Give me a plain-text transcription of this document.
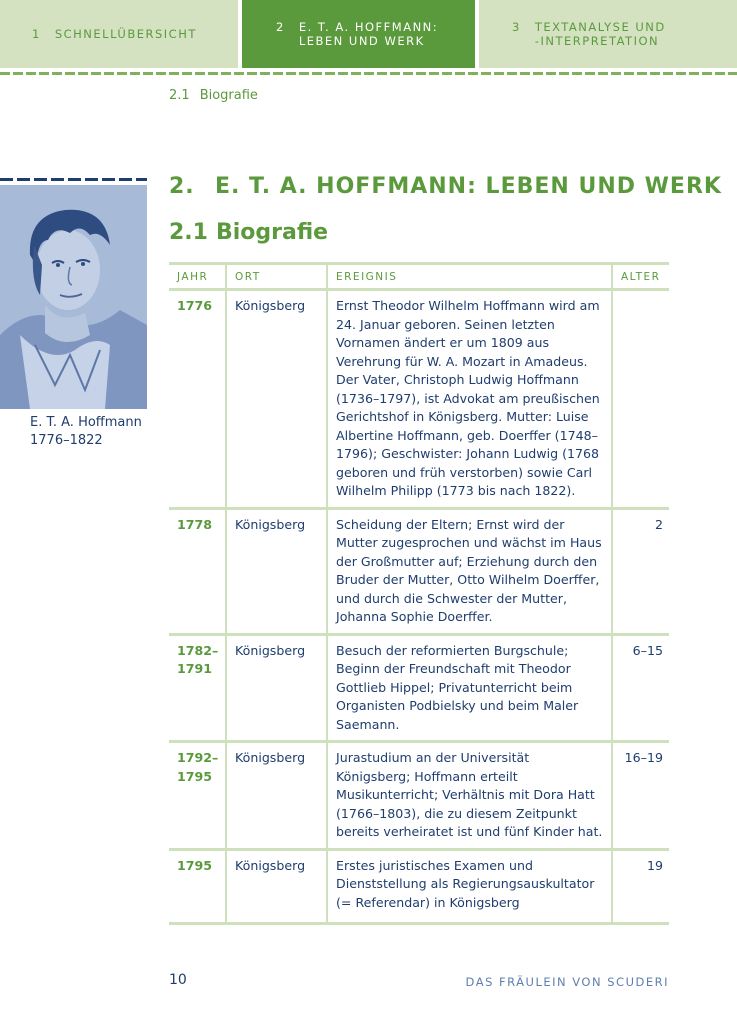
1 SCHNELLÜBERSICHT	2 E. T. A. HOFFMANN:
LEBEN UND WERK
3 TEXTANALYSE UND
-INTERPRETATION
2.1 Biografie
E. T. A. Hoffmann
1776–1822
2. E. T. A. HOFFMANN: LEBEN UND WERK
2.1 Biografie
JAHR	ORT	EREIGNIS	ALTER
1776	Königsberg	Ernst Theodor Wilhelm Hoffmann wird am 24. Januar geboren. Seinen letzten Vornamen ändert er um 1809 aus Verehrung für W. A. Mozart in Amadeus. Der Vater, Christoph Ludwig Hoffmann (1736–1797), ist Advokat am preußischen Gerichtshof in Königsberg. Mutter: Luise Albertine Hoffmann, geb. Doerffer (1748–1796); Geschwister: Johann Ludwig (1768 geboren und früh verstorben) sowie Carl Wilhelm Philipp (1773 bis nach 1822).	
1778	Königsberg	Scheidung der Eltern; Ernst wird der Mutter zugesprochen und wächst im Haus der Großmutter auf; Erziehung durch den Bruder der Mutter, Otto Wilhelm Doerffer, und durch die Schwester der Mutter, Johanna Sophie Doerffer.	2
1782–
1791	Königsberg	Besuch der reformierten Burgschule; Beginn der Freundschaft mit Theodor Gottlieb Hippel; Privatunterricht beim Organisten Podbielsky und beim Maler Saemann.	6–15
1792–
1795	Königsberg	Jurastudium an der Universität Königsberg; Hoffmann erteilt Musikunterricht; Verhältnis mit Dora Hatt (1766–1803), die zu diesem Zeitpunkt bereits verheiratet ist und fünf Kinder hat.	16–19
1795	Königsberg	Erstes juristisches Examen und Dienststellung als Regierungsauskultator (= Referendar) in Königsberg	19
10	DAS FRÄULEIN VON SCUDERI
